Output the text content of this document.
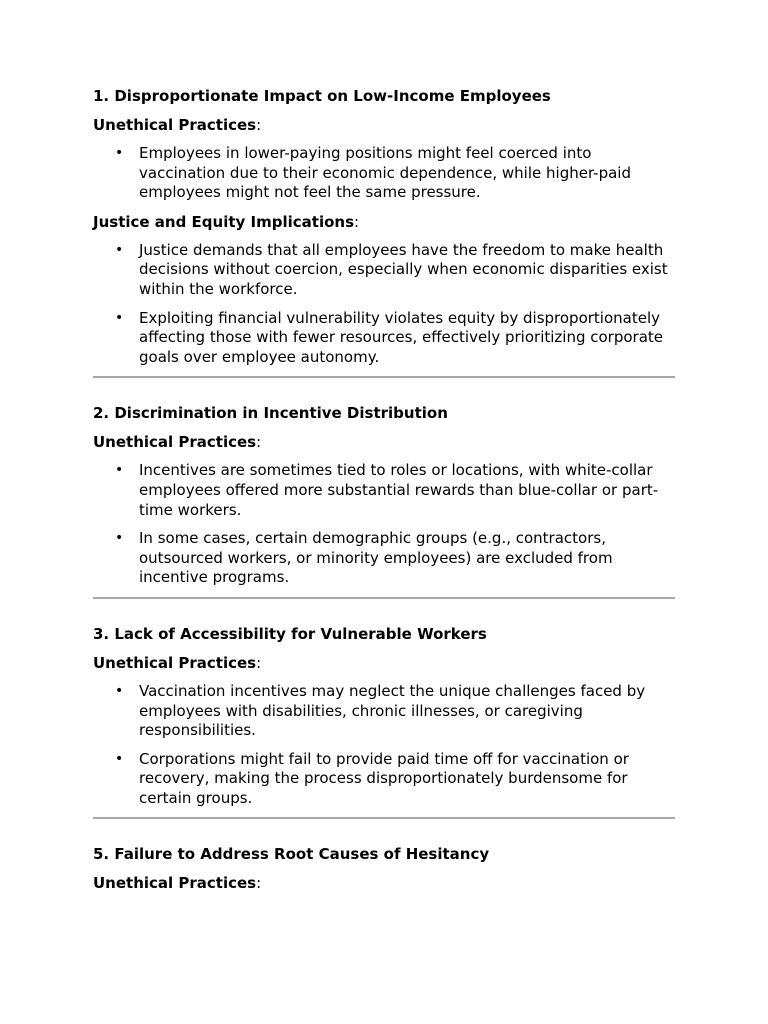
1. Disproportionate Impact on Low-Income Employees

Unethical Practices:

• Employees in lower-paying positions might feel coerced into vaccination due to their economic dependence, while higher-paid employees might not feel the same pressure.

Justice and Equity Implications:

• Justice demands that all employees have the freedom to make health decisions without coercion, especially when economic disparities exist within the workforce.
• Exploiting financial vulnerability violates equity by disproportionately affecting those with fewer resources, effectively prioritizing corporate goals over employee autonomy.

2. Discrimination in Incentive Distribution

Unethical Practices:

• Incentives are sometimes tied to roles or locations, with white-collar employees offered more substantial rewards than blue-collar or part-time workers.
• In some cases, certain demographic groups (e.g., contractors, outsourced workers, or minority employees) are excluded from incentive programs.

3. Lack of Accessibility for Vulnerable Workers

Unethical Practices:

• Vaccination incentives may neglect the unique challenges faced by employees with disabilities, chronic illnesses, or caregiving responsibilities.
• Corporations might fail to provide paid time off for vaccination or recovery, making the process disproportionately burdensome for certain groups.

5. Failure to Address Root Causes of Hesitancy

Unethical Practices:
